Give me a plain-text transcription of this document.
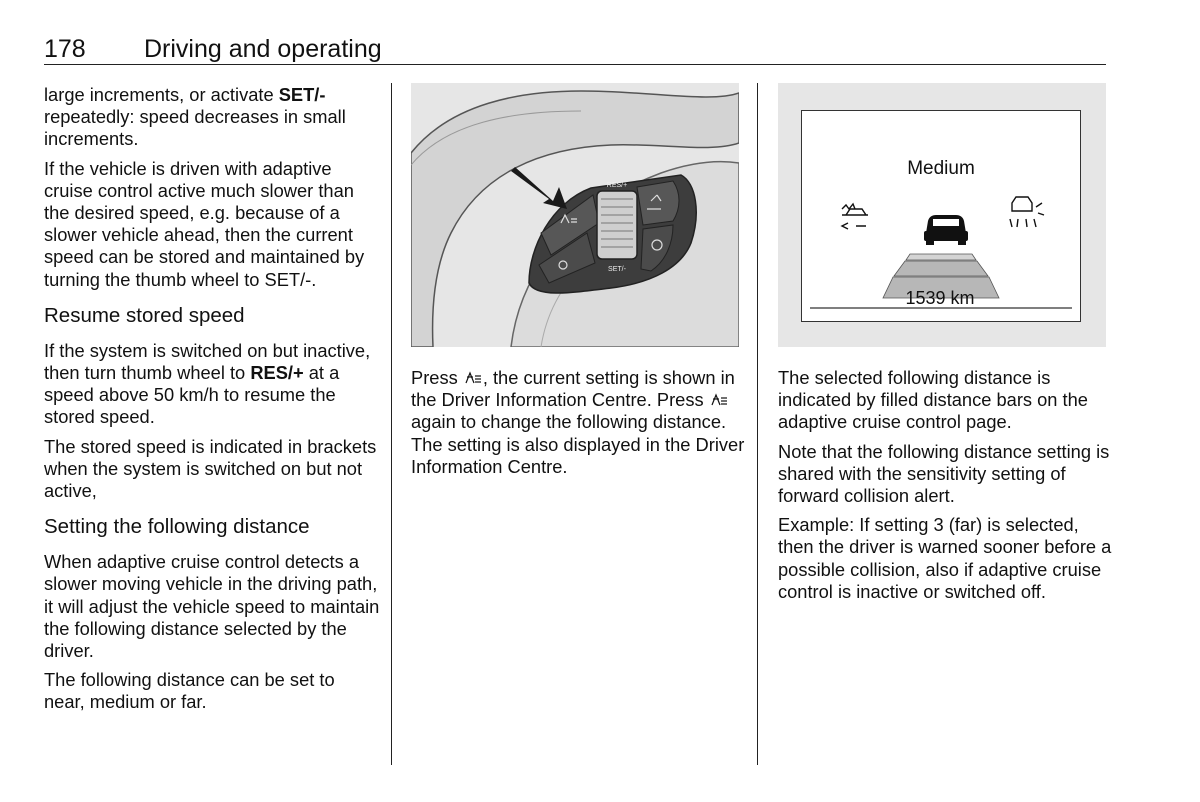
178 Driving and operating

large increments, or activate SET/- repeatedly: speed decreases in small increments.

If the vehicle is driven with adaptive cruise control active much slower than the desired speed, e.g. because of a slower vehicle ahead, then the current speed can be stored and maintained by turning the thumb wheel to SET/-.

Resume stored speed

If the system is switched on but inactive, then turn thumb wheel to RES/+ at a speed above 50 km/h to resume the stored speed.

The stored speed is indicated in brackets when the system is switched on but not active,

Setting the following distance

When adaptive cruise control detects a slower moving vehicle in the driving path, it will adjust the vehicle speed to maintain the following distance selected by the driver.

The following distance can be set to near, medium or far.

RES/+
SET/-

Press , the current setting is shown in the Driver Information Centre. Press  again to change the following distance. The setting is also displayed in the Driver Information Centre.

Medium
1539 km

The selected following distance is indicated by filled distance bars on the adaptive cruise control page.

Note that the following distance setting is shared with the sensitivity setting of forward collision alert.

Example: If setting 3 (far) is selected, then the driver is warned sooner before a possible collision, also if adaptive cruise control is inactive or switched off.
